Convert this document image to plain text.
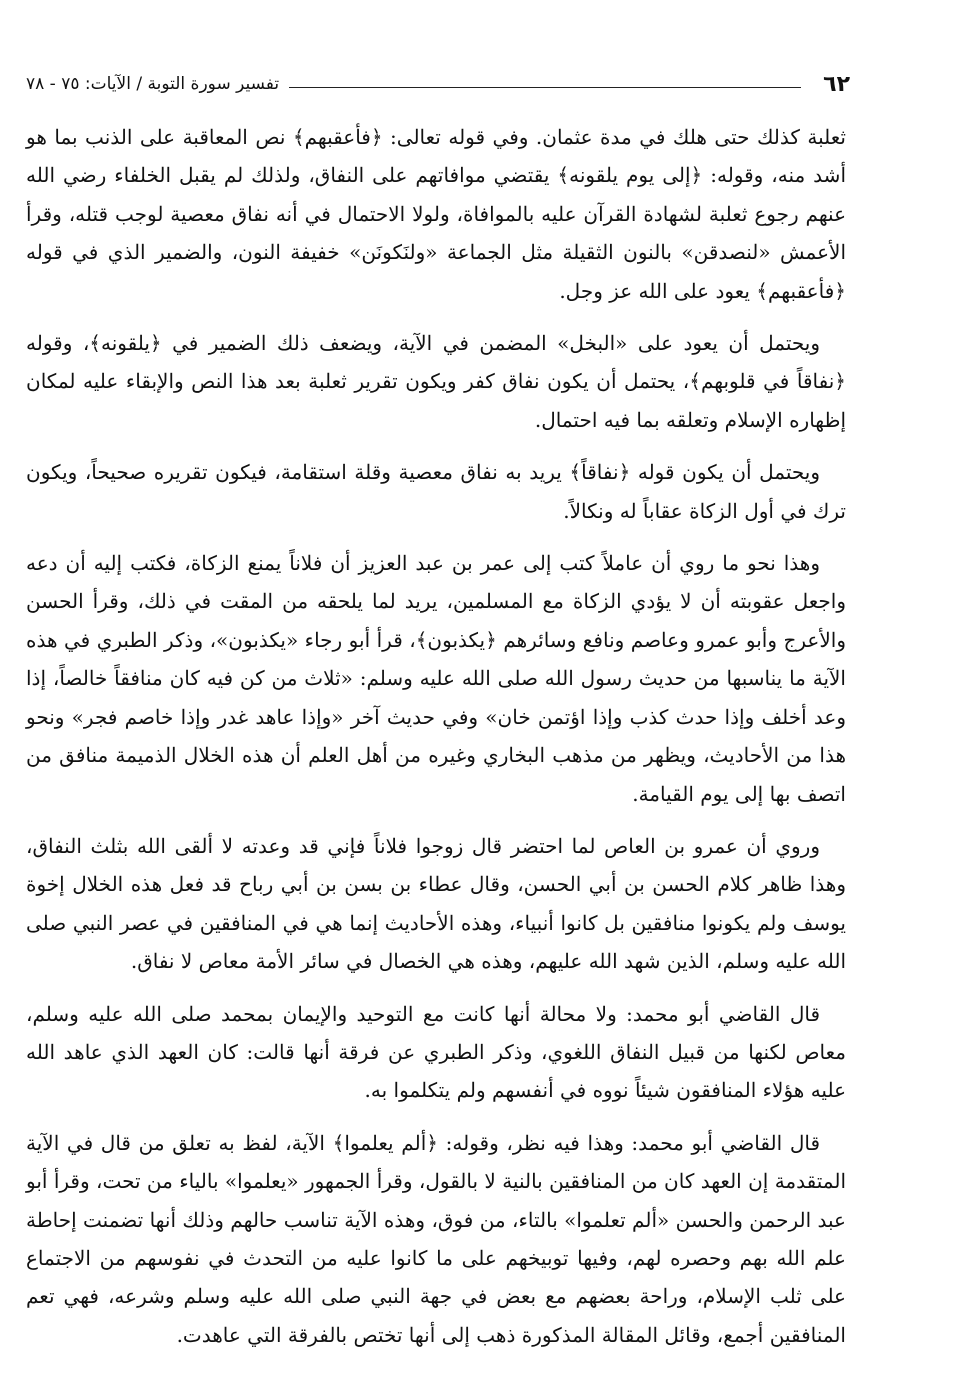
٦٢
تفسير سورة التوبة / الآيات: ٧٥ - ٧٨

ثعلبة كذلك حتى هلك في مدة عثمان. وفي قوله تعالى: ﴿فأعقبهم﴾ نص المعاقبة على الذنب بما هو أشد منه، وقوله: ﴿إلى يوم يلقونه﴾ يقتضي موافاتهم على النفاق، ولذلك لم يقبل الخلفاء رضي الله عنهم رجوع ثعلبة لشهادة القرآن عليه بالموافاة، ولولا الاحتمال في أنه نفاق معصية لوجب قتله، وقرأ الأعمش «لنصدقن» بالنون الثقيلة مثل الجماعة «ولنَكونَن» خفيفة النون، والضمير الذي في قوله ﴿فأعقبهم﴾ يعود على الله عز وجل.

ويحتمل أن يعود على «البخل» المضمن في الآية، ويضعف ذلك الضمير في ﴿يلقونه﴾، وقوله ﴿نفاقاً في قلوبهم﴾، يحتمل أن يكون نفاق كفر ويكون تقرير ثعلبة بعد هذا النص والإبقاء عليه لمكان إظهاره الإسلام وتعلقه بما فيه احتمال.

ويحتمل أن يكون قوله ﴿نفاقاً﴾ يريد به نفاق معصية وقلة استقامة، فيكون تقريره صحيحاً، ويكون ترك في أول الزكاة عقاباً له ونكالاً.

وهذا نحو ما روي أن عاملاً كتب إلى عمر بن عبد العزيز أن فلاناً يمنع الزكاة، فكتب إليه أن دعه واجعل عقوبته أن لا يؤدي الزكاة مع المسلمين، يريد لما يلحقه من المقت في ذلك، وقرأ الحسن والأعرج وأبو عمرو وعاصم ونافع وسائرهم ﴿يكذبون﴾، قرأ أبو رجاء «يكذبون»، وذكر الطبري في هذه الآية ما يناسبها من حديث رسول الله صلى الله عليه وسلم: «ثلاث من كن فيه كان منافقاً خالصاً، إذا وعد أخلف وإذا حدث كذب وإذا اؤتمن خان» وفي حديث آخر «وإذا عاهد غدر وإذا خاصم فجر» ونحو هذا من الأحاديث، ويظهر من مذهب البخاري وغيره من أهل العلم أن هذه الخلال الذميمة منافق من اتصف بها إلى يوم القيامة.

وروي أن عمرو بن العاص لما احتضر قال زوجوا فلاناً فإني قد وعدته لا ألقى الله بثلث النفاق، وهذا ظاهر كلام الحسن بن أبي الحسن، وقال عطاء بن بسن بن أبي رباح قد فعل هذه الخلال إخوة يوسف ولم يكونوا منافقين بل كانوا أنبياء، وهذه الأحاديث إنما هي في المنافقين في عصر النبي صلى الله عليه وسلم، الذين شهد الله عليهم، وهذه هي الخصال في سائر الأمة معاص لا نفاق.

قال القاضي أبو محمد: ولا محالة أنها كانت مع التوحيد والإيمان بمحمد صلى الله عليه وسلم، معاص لكنها من قبيل النفاق اللغوي، وذكر الطبري عن فرقة أنها قالت: كان العهد الذي عاهد الله عليه هؤلاء المنافقون شيئاً نووه في أنفسهم ولم يتكلموا به.

قال القاضي أبو محمد: وهذا فيه نظر، وقوله: ﴿ألم يعلموا﴾ الآية، لفظ به تعلق من قال في الآية المتقدمة إن العهد كان من المنافقين بالنية لا بالقول، وقرأ الجمهور «يعلموا» بالياء من تحت، وقرأ أبو عبد الرحمن والحسن «ألم تعلموا» بالتاء، من فوق، وهذه الآية تناسب حالهم وذلك أنها تضمنت إحاطة علم الله بهم وحصره لهم، وفيها توبيخهم على ما كانوا عليه من التحدث في نفوسهم من الاجتماع على ثلب الإسلام، وراحة بعضهم مع بعض في جهة النبي صلى الله عليه وسلم وشرعه، فهي تعم المنافقين أجمع، وقائل المقالة المذكورة ذهب إلى أنها تختص بالفرقة التي عاهدت.
